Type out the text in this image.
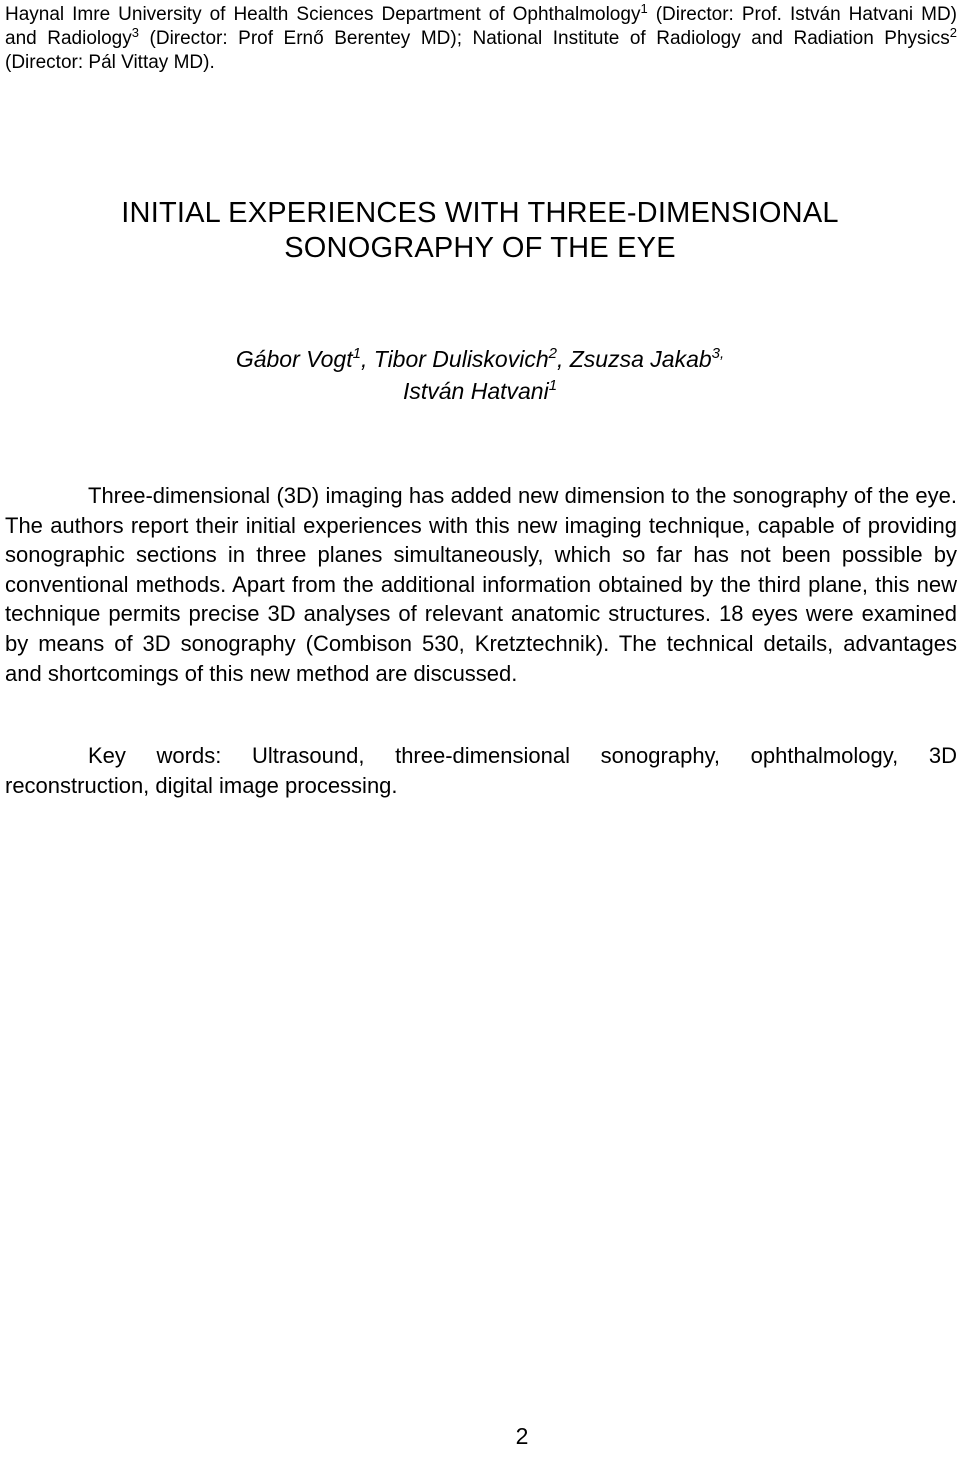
Haynal Imre University of Health Sciences Department of Ophthalmology$^1$ (Director: Prof. István Hatvani MD) and Radiology$^3$ (Director: Prof Ernő Berentey MD); National Institute of Radiology and Radiation Physics$^2$ (Director: Pál Vittay MD).
INITIAL EXPERIENCES WITH THREE-DIMENSIONAL
SONOGRAPHY OF THE EYE
Gábor Vogt$^1$, Tibor Duliskovich$^2$, Zsuzsa Jakab$^{3,}$
István Hatvani$^1$

Three-dimensional (3D) imaging has added new dimension to the sonography of the eye. The authors report their initial experiences with this new imaging technique, capable of providing sonographic sections in three planes simultaneously, which so far has not been possible by conventional methods. Apart from the additional information obtained by the third plane, this new technique permits precise 3D analyses of relevant anatomic structures. 18 eyes were examined by means of 3D sonography (Combison 530, Kretztechnik). The technical details, advantages and shortcomings of this new method are discussed.

Key words: Ultrasound, three-dimensional sonography, ophthalmology, 3D reconstruction, digital image processing.

2
